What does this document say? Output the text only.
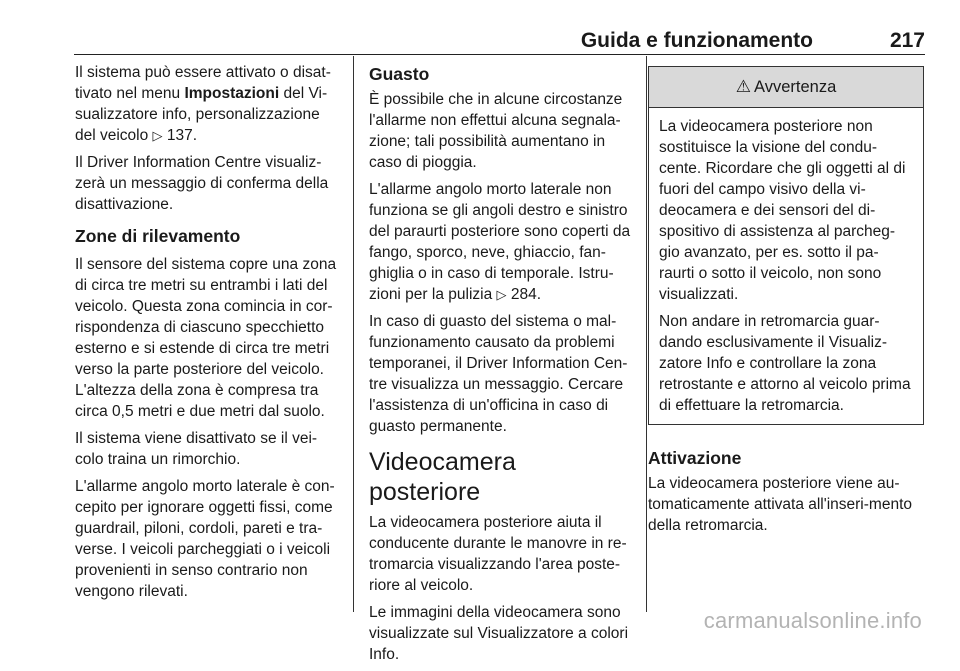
Guida e funzionamento	217

Il sistema può essere attivato o disat-tivato nel menu Impostazioni del Vi-sualizzatore info, personalizzazione del veicolo ▷ 137.

Il Driver Information Centre visualiz-zerà un messaggio di conferma della disattivazione.

Zone di rilevamento

Il sensore del sistema copre una zona di circa tre metri su entrambi i lati del veicolo. Questa zona comincia in cor-rispondenza di ciascuno specchietto esterno e si estende di circa tre metri verso la parte posteriore del veicolo. L'altezza della zona è compresa tra circa 0,5 metri e due metri dal suolo.

Il sistema viene disattivato se il vei-colo traina un rimorchio.

L'allarme angolo morto laterale è con-cepito per ignorare oggetti fissi, come guardrail, piloni, cordoli, pareti e tra-verse. I veicoli parcheggiati o i veicoli provenienti in senso contrario non vengono rilevati.

Guasto

È possibile che in alcune circostanze l'allarme non effettui alcuna segnala-zione; tali possibilità aumentano in caso di pioggia.

L'allarme angolo morto laterale non funziona se gli angoli destro e sinistro del paraurti posteriore sono coperti da fango, sporco, neve, ghiaccio, fan-ghiglia o in caso di temporale. Istru-zioni per la pulizia ▷ 284.

In caso di guasto del sistema o mal-funzionamento causato da problemi temporanei, il Driver Information Cen-tre visualizza un messaggio. Cercare l'assistenza di un'officina in caso di guasto permanente.

Videocamera posteriore

La videocamera posteriore aiuta il conducente durante le manovre in re-tromarcia visualizzando l'area poste-riore al veicolo.

Le immagini della videocamera sono visualizzate sul Visualizzatore a colori Info.

⚠ Avvertenza

La videocamera posteriore non sostituisce la visione del condu-cente. Ricordare che gli oggetti al di fuori del campo visivo della vi-deocamera e dei sensori del di-spositivo di assistenza al parcheg-gio avanzato, per es. sotto il pa-raurti o sotto il veicolo, non sono visualizzati.

Non andare in retromarcia guar-dando esclusivamente il Visualiz-zatore Info e controllare la zona retrostante e attorno al veicolo prima di effettuare la retromarcia.

Attivazione

La videocamera posteriore viene au-tomaticamente attivata all'inseri-mento della retromarcia.

carmanualsonline.info
